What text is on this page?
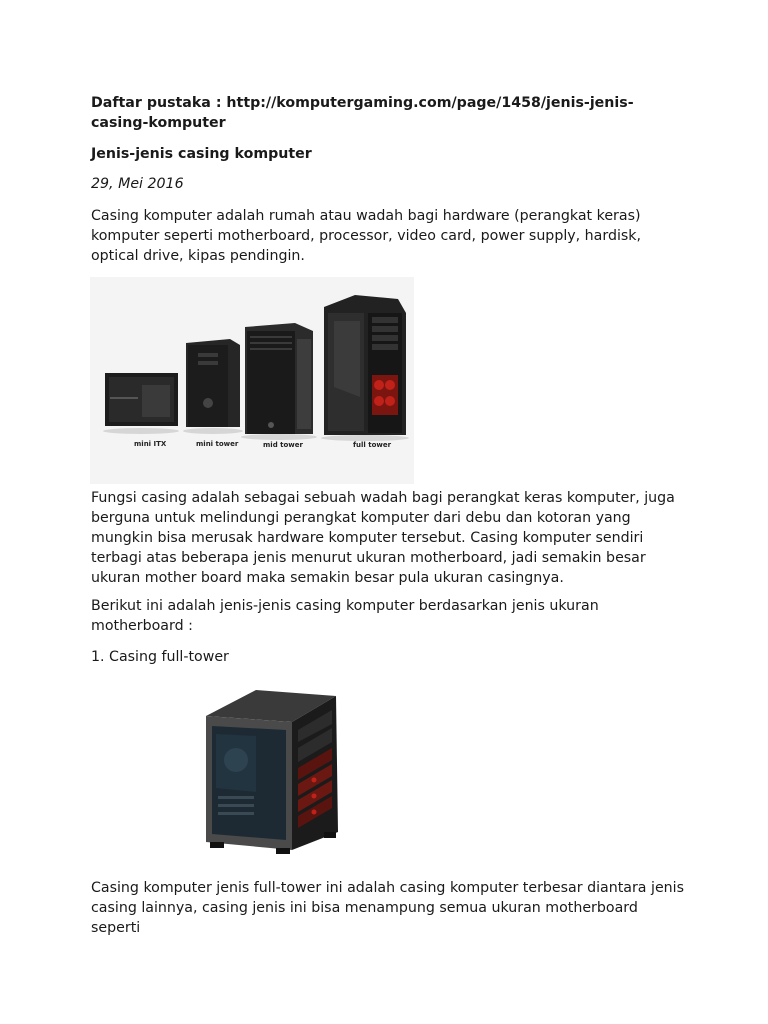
Daftar pustaka : http://komputergaming.com/page/1458/jenis-jenis-casing-komputer

Jenis-jenis casing komputer

29, Mei 2016

Casing komputer adalah rumah atau wadah bagi hardware (perangkat keras) komputer seperti motherboard, processor, video card, power supply, hardisk, optical drive, kipas pendingin.

mini ITX	mini tower	mid tower	full tower

Fungsi casing adalah sebagai sebuah wadah bagi perangkat keras komputer, juga berguna untuk melindungi perangkat komputer dari debu dan kotoran yang mungkin bisa merusak hardware komputer tersebut. Casing komputer sendiri terbagi atas beberapa jenis menurut ukuran motherboard, jadi semakin besar ukuran mother board maka semakin besar pula ukuran casingnya.

Berikut ini adalah jenis-jenis casing komputer berdasarkan jenis ukuran motherboard :

1. Casing full-tower

Casing komputer jenis full-tower ini adalah casing komputer terbesar diantara jenis casing lainnya, casing jenis ini bisa menampung semua ukuran motherboard seperti
